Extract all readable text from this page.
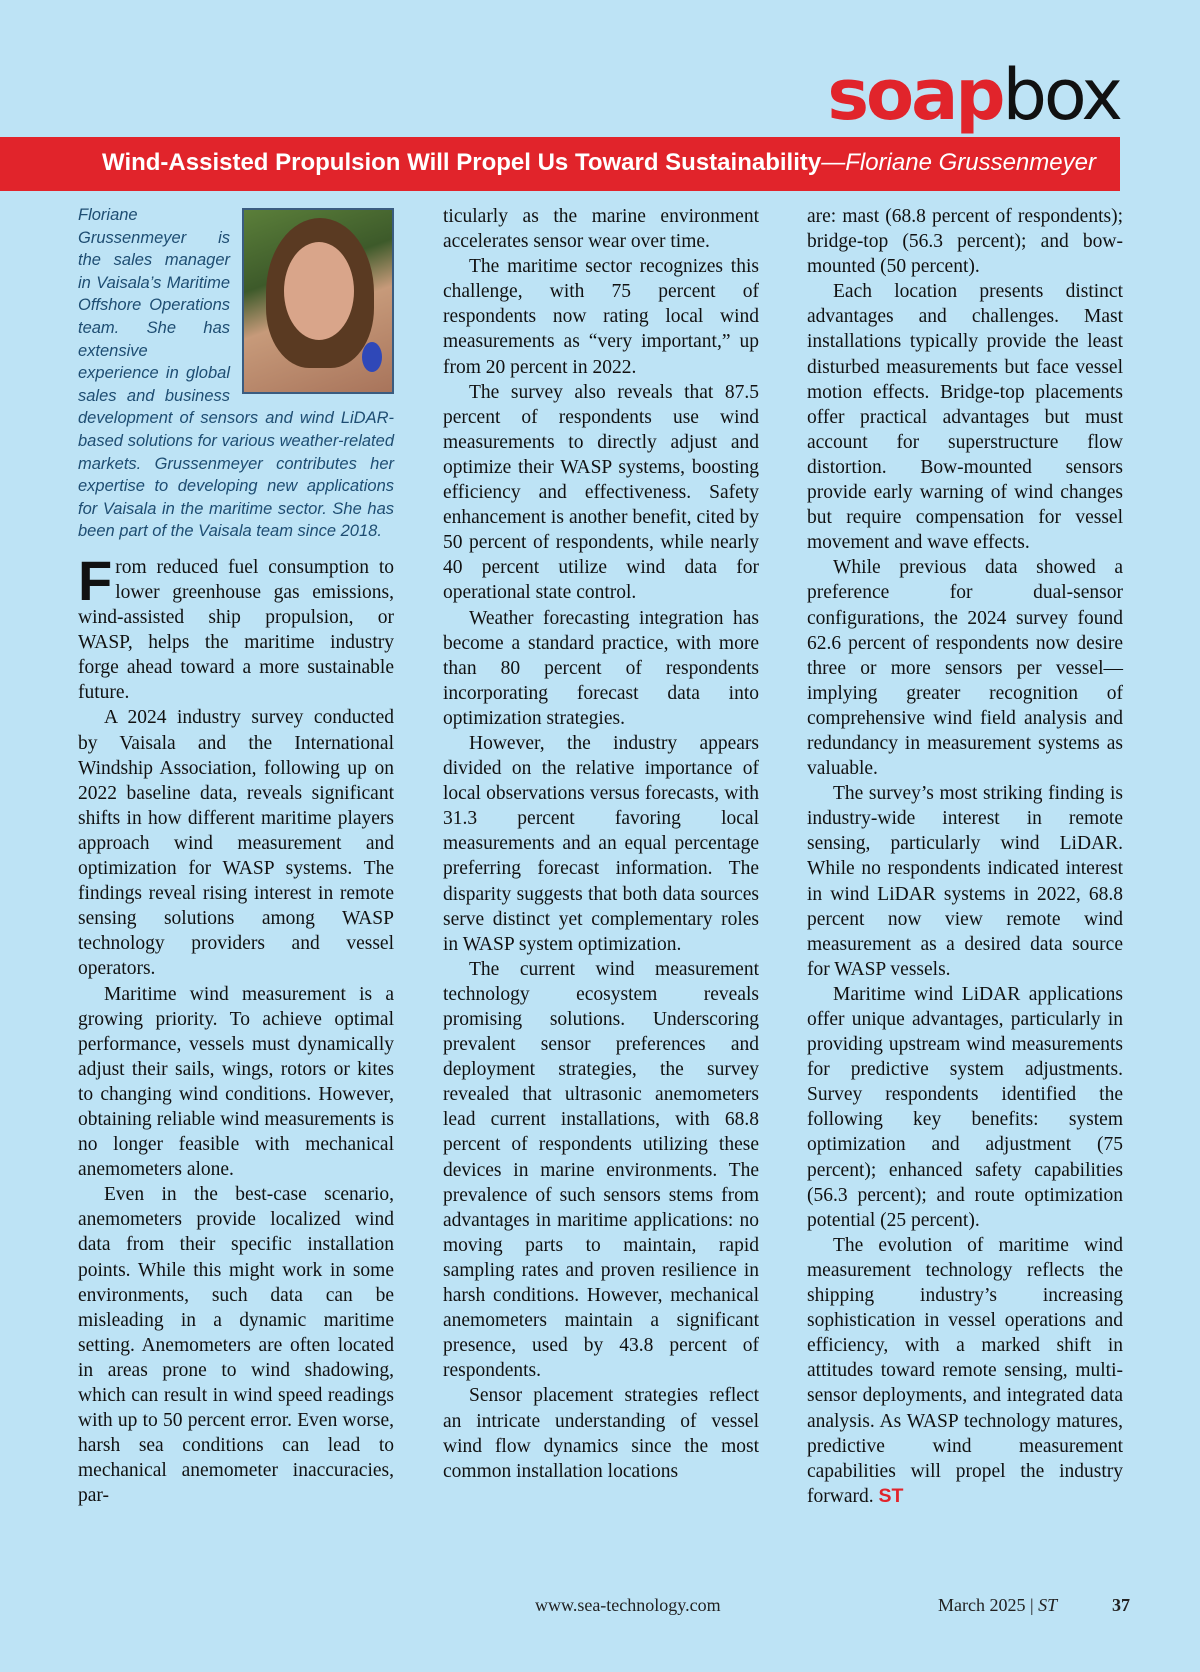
soapbox
Wind-Assisted Propulsion Will Propel Us Toward Sustainability—Floriane Grussenmeyer
Floriane Grussenmeyer is the sales manager in Vaisala’s Maritime Offshore Operations team. She has extensive experience in global sales and business development of sensors and wind LiDAR-based solutions for various weather-related markets. Grussenmeyer contributes her expertise to developing new applications for Vaisala in the maritime sector. She has been part of the Vaisala team since 2018.

From reduced fuel consumption to lower greenhouse gas emissions, wind-assisted ship propulsion, or WASP, helps the maritime industry forge ahead toward a more sustainable future.

A 2024 industry survey conducted by Vaisala and the International Windship Association, following up on 2022 baseline data, reveals significant shifts in how different maritime players approach wind measurement and optimization for WASP systems. The findings reveal rising interest in remote sensing solutions among WASP technology providers and vessel operators.

Maritime wind measurement is a growing priority. To achieve optimal performance, vessels must dynamically adjust their sails, wings, rotors or kites to changing wind conditions. However, obtaining reliable wind measurements is no longer feasible with mechanical anemometers alone.

Even in the best-case scenario, anemometers provide localized wind data from their specific installation points. While this might work in some environments, such data can be misleading in a dynamic maritime setting. Anemometers are often located in areas prone to wind shadowing, which can result in wind speed readings with up to 50 percent error. Even worse, harsh sea conditions can lead to mechanical anemometer inaccuracies, par-

ticularly as the marine environment accelerates sensor wear over time.

The maritime sector recognizes this challenge, with 75 percent of respondents now rating local wind measurements as “very important,” up from 20 percent in 2022.

The survey also reveals that 87.5 percent of respondents use wind measurements to directly adjust and optimize their WASP systems, boosting efficiency and effectiveness. Safety enhancement is another benefit, cited by 50 percent of respondents, while nearly 40 percent utilize wind data for operational state control.

Weather forecasting integration has become a standard practice, with more than 80 percent of respondents incorporating forecast data into optimization strategies.

However, the industry appears divided on the relative importance of local observations versus forecasts, with 31.3 percent favoring local measurements and an equal percentage preferring forecast information. The disparity suggests that both data sources serve distinct yet complementary roles in WASP system optimization.

The current wind measurement technology ecosystem reveals promising solutions. Underscoring prevalent sensor preferences and deployment strategies, the survey revealed that ultrasonic anemometers lead current installations, with 68.8 percent of respondents utilizing these devices in marine environments. The prevalence of such sensors stems from advantages in maritime applications: no moving parts to maintain, rapid sampling rates and proven resilience in harsh conditions. However, mechanical anemometers maintain a significant presence, used by 43.8 percent of respondents.

Sensor placement strategies reflect an intricate understanding of vessel wind flow dynamics since the most common installation locations

are: mast (68.8 percent of respondents); bridge-top (56.3 percent); and bow-mounted (50 percent).

Each location presents distinct advantages and challenges. Mast installations typically provide the least disturbed measurements but face vessel motion effects. Bridge-top placements offer practical advantages but must account for superstructure flow distortion. Bow-mounted sensors provide early warning of wind changes but require compensation for vessel movement and wave effects.

While previous data showed a preference for dual-sensor configurations, the 2024 survey found 62.6 percent of respondents now desire three or more sensors per vessel—implying greater recognition of comprehensive wind field analysis and redundancy in measurement systems as valuable.

The survey’s most striking finding is industry-wide interest in remote sensing, particularly wind LiDAR. While no respondents indicated interest in wind LiDAR systems in 2022, 68.8 percent now view remote wind measurement as a desired data source for WASP vessels.

Maritime wind LiDAR applications offer unique advantages, particularly in providing upstream wind measurements for predictive system adjustments. Survey respondents identified the following key benefits: system optimization and adjustment (75 percent); enhanced safety capabilities (56.3 percent); and route optimization potential (25 percent).

The evolution of maritime wind measurement technology reflects the shipping industry’s increasing sophistication in vessel operations and efficiency, with a marked shift in attitudes toward remote sensing, multi-sensor deployments, and integrated data analysis. As WASP technology matures, predictive wind measurement capabilities will propel the industry forward. ST

www.sea-technology.com	March 2025 | ST	37
